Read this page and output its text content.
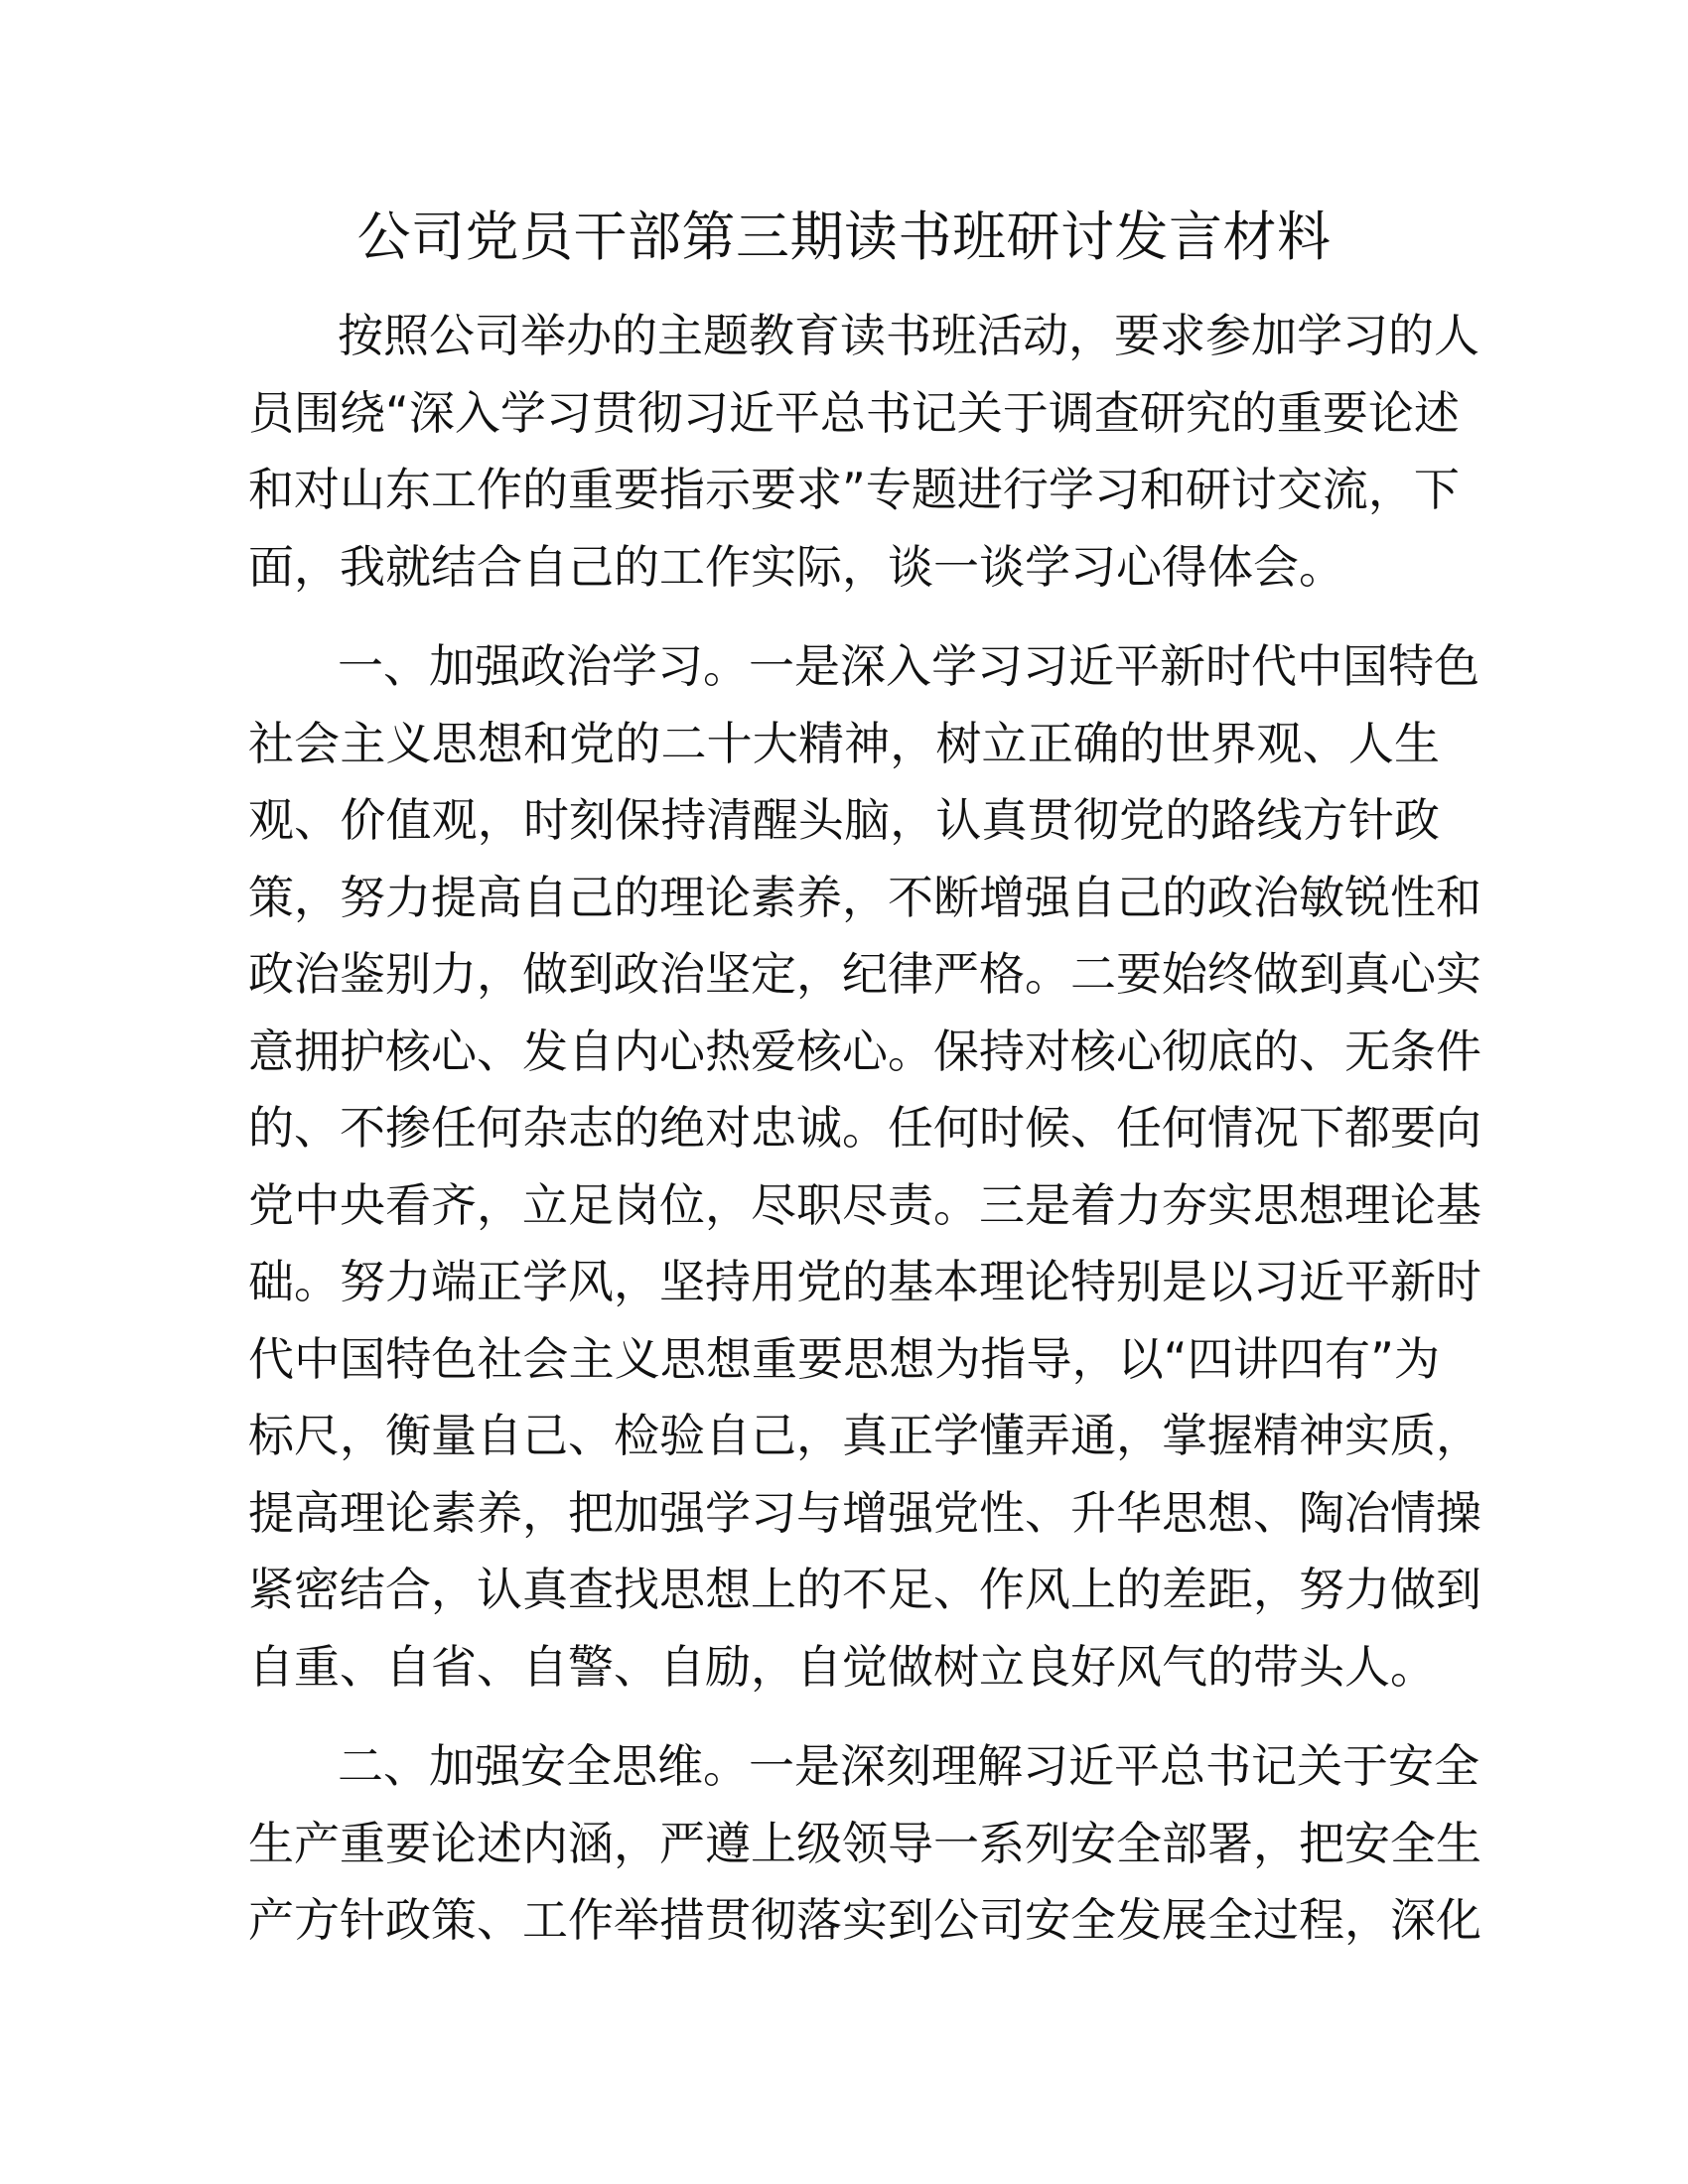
公司党员干部第三期读书班研讨发言材料
按照公司举办的主题教育读书班活动，要求参加学习的人
员围绕“深入学习贯彻习近平总书记关于调查研究的重要论述
和对山东工作的重要指示要求”专题进行学习和研讨交流，下
面，我就结合自己的工作实际，谈一谈学习心得体会。
一、加强政治学习。一是深入学习习近平新时代中国特色
社会主义思想和党的二十大精神，树立正确的世界观、人生
观、价值观，时刻保持清醒头脑，认真贯彻党的路线方针政
策，努力提高自己的理论素养，不断增强自己的政治敏锐性和
政治鉴别力，做到政治坚定，纪律严格。二要始终做到真心实
意拥护核心、发自内心热爱核心。保持对核心彻底的、无条件
的、不掺任何杂志的绝对忠诚。任何时候、任何情况下都要向
党中央看齐，立足岗位，尽职尽责。三是着力夯实思想理论基
础。努力端正学风，坚持用党的基本理论特别是以习近平新时
代中国特色社会主义思想重要思想为指导，以“四讲四有”为
标尺，衡量自己、检验自己，真正学懂弄通，掌握精神实质，
提高理论素养，把加强学习与增强党性、升华思想、陶冶情操
紧密结合，认真查找思想上的不足、作风上的差距，努力做到
自重、自省、自警、自励，自觉做树立良好风气的带头人。
二、加强安全思维。一是深刻理解习近平总书记关于安全
生产重要论述内涵，严遵上级领导一系列安全部署，把安全生
产方针政策、工作举措贯彻落实到公司安全发展全过程，深化
